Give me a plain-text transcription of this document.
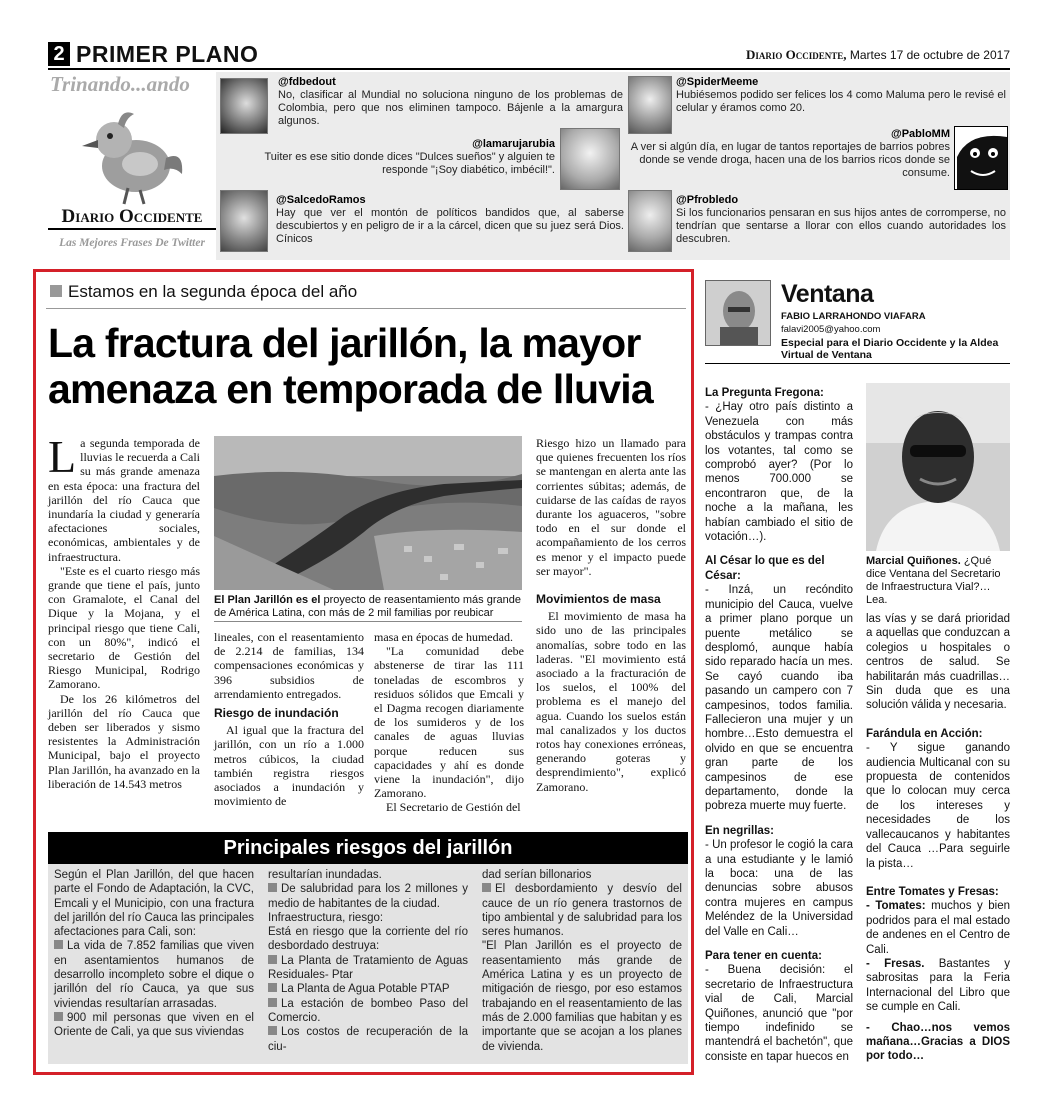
2 PRIMER PLANO	Diario Occidente, Martes 17 de octubre de 2017
Trinando...ando
Diario Occidente
Las Mejores Frases De Twitter
@fdbedout
No, clasificar al Mundial no soluciona ninguno de los problemas de Colombia, pero que nos eliminen tampoco. Bájenle a la amargura algunos.
@lamarujarubia
Tuiter es ese sitio donde dices "Dulces sueños" y alguien te responde "¡Soy diabético, imbécil!".
@SalcedoRamos
Hay que ver el montón de políticos bandidos que, al saberse descubiertos y en peligro de ir a la cárcel, dicen que su juez será Dios. Cínicos
@SpiderMeeme
Hubiésemos podido ser felices los 4 como Maluma pero le revisé el celular y éramos como 20.
@PabloMM
A ver si algún día, en lugar de tantos reportajes de barrios pobres donde se vende droga, hacen una de los barrios ricos donde se consume.
@Pfrobledo
Si los funcionarios pensaran en sus hijos antes de corromperse, no tendrían que sentarse a llorar con ellos cuando autoridades los descubren.
Estamos en la segunda época del año
La fractura del jarillón, la mayor amenaza en temporada de lluvia

La segunda temporada de lluvias le recuerda a Cali su más grande amenaza en esta época: una fractura del jarillón del río Cauca que inundaría la ciudad y generaría afectaciones sociales, económicas, ambientales y de infraestructura.

"Este es el cuarto riesgo más grande que tiene el país, junto con Gramalote, el Canal del Dique y la Mojana, y el principal riesgo que tiene Cali, con un 80%", indicó el secretario de Gestión del Riesgo Municipal, Rodrigo Zamorano.

De los 26 kilómetros del jarillón del río Cauca que deben ser liberados y sismo resistentes la Administración Municipal, bajo el proyecto Plan Jarillón, ha avanzado en la liberación de 14.543 metros

El Plan Jarillón es el proyecto de reasentamiento más grande de América Latina, con más de 2 mil familias por reubicar

lineales, con el reasentamiento de 2.214 de familias, 134 compensaciones económicas y 396 subsidios de arrendamiento entregados.

Riesgo de inundación

Al igual que la fractura del jarillón, con un río a 1.000 metros cúbicos, la ciudad también registra riesgos asociados a inundación y movimiento de

masa en épocas de humedad.

"La comunidad debe abstenerse de tirar las 111 toneladas de escombros y residuos sólidos que Emcali y el Dagma recogen diariamente de los sumideros y de los canales de aguas lluvias porque reducen sus capacidades y ahí es donde viene la inundación", dijo Zamorano.

El Secretario de Gestión del

Riesgo hizo un llamado para que quienes frecuenten los ríos se mantengan en alerta ante las corrientes súbitas; además, de cuidarse de las caídas de rayos durante los aguaceros, "sobre todo en el sur donde el acompañamiento de los cerros es menor y el impacto puede ser mayor".

Movimientos de masa

El movimiento de masa ha sido uno de las principales anomalías, sobre todo en las laderas. "El movimiento está asociado a la fracturación de los suelos, el 100% del problema es el manejo del agua. Cuando los suelos están mal canalizados y los ductos rotos hay conexiones erróneas, generando goteras y desprendimiento", explicó Zamorano.

Principales riesgos del jarillón
Según el Plan Jarillón, del que hacen parte el Fondo de Adaptación, la CVC, Emcali y el Municipio, con una fractura del jarillón del río Cauca las principales afectaciones para Cali, son:
La vida de 7.852 familias que viven en asentamientos humanos de desarrollo incompleto sobre el dique o jarillón del río Cauca, ya que sus viviendas resultarían arrasadas.
900 mil personas que viven en el Oriente de Cali, ya que sus viviendas
resultarían inundadas.
De salubridad para los 2 millones y medio de habitantes de la ciudad.
Infraestructura, riesgo:
Está en riesgo que la corriente del río desbordado destruya:
La Planta de Tratamiento de Aguas Residuales- Ptar
La Planta de Agua Potable PTAP
La estación de bombeo Paso del Comercio.
Los costos de recuperación de la ciu-
dad serían billonarios
El desbordamiento y desvío del cauce de un río genera trastornos de tipo ambiental y de salubridad para los seres humanos.
"El Plan Jarillón es el proyecto de reasentamiento más grande de América Latina y es un proyecto de mitigación de riesgo, por eso estamos trabajando en el reasentamiento de las más de 2.000 familias que habitan y es importante que se acojan a los planes de vivienda.
Ventana
FABIO LARRAHONDO VIAFARA
falavi2005@yahoo.com
Especial para el Diario Occidente y la Aldea Virtual de Ventana
La Pregunta Fregona:
- ¿Hay otro país distinto a Venezuela con más obstáculos y trampas contra los votantes, tal como se comprobó ayer? (Por lo menos 700.000 se encontraron que, de la noche a la mañana, les habían cambiado el sitio de votación…).
Al César lo que es del César:
- Inzá, un recóndito municipio del Cauca, vuelve a primer plano porque un puente metálico se desplomó, aunque había sido reparado hacía un mes. Se cayó cuando iba pasando un campero con 7 campesinos, todos familia. Fallecieron una mujer y un hombre…Esto demuestra el olvido en que se encuentra gran parte de los campesinos de ese departamento, donde la pobreza muerte muy fuerte.
En negrillas:
- Un profesor le cogió la cara a una estudiante y le lamió la boca: una de las denuncias sobre abusos contra mujeres en campus Meléndez de la Universidad del Valle en Cali…
Para tener en cuenta:
- Buena decisión: el secretario de Infraestructura vial de Cali, Marcial Quiñones, anunció que "por tiempo indefinido se mantendrá el bachetón", que consiste en tapar huecos en
Marcial Quiñones. ¿Qué dice Ventana del Secretario de Infraestructura Vial?…Lea.
las vías y se dará prioridad a aquellas que conduzcan a colegios u hospitales o centros de salud. Se habilitarán más cuadrillas…Sin duda que es una solución válida y necesaria.
Farándula en Acción:
- Y sigue ganando audiencia Multicanal con su propuesta de contenidos que lo colocan muy cerca de los intereses y necesidades de los vallecaucanos y habitantes del Cauca …Para seguirle la pista…
Entre Tomates y Fresas:
- Tomates: muchos y bien podridos para el mal estado de andenes en el Centro de Cali.
- Fresas. Bastantes y sabrositas para la Feria Internacional del Libro que se cumple en Cali.
- Chao…nos vemos mañana…Gracias a DIOS por todo…
